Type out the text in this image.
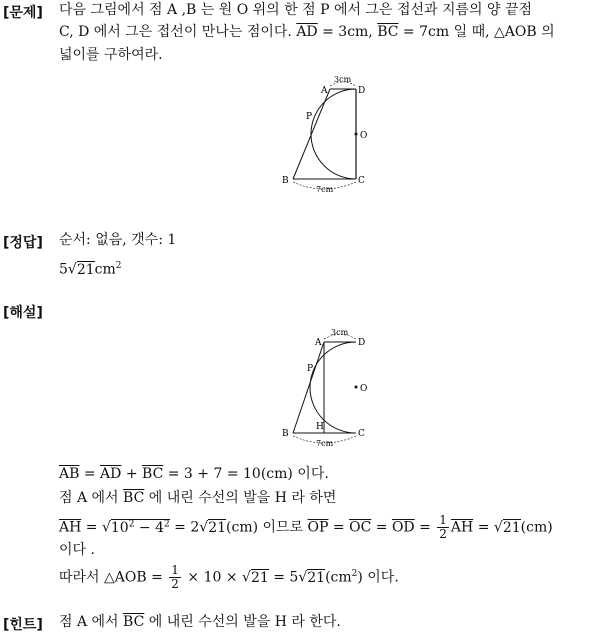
[문제] 다음 그림에서 점 A ,B 는 원 O 위의 한 점 P 에서 그은 접선과 지름의 양 끝점
C, D 에서 그은 접선이 만나는 점이다. $\overline{AD} = 3cm$, $\overline{BC} = 7cm$ 일 때, △AOB 의
넓이를 구하여라.
A	D
P
O
B	C
3cm
7cm
[정답] 순서: 없음, 갯수: 1
$5√21cm^2$
[해설]
A	D
P
O
H
B	C
3cm
7cm
$\overline{AB} = \overline{AD} + \overline{BC} = 3 + 7 = 10(cm)$ 이다.
점 A 에서 $\overline{BC}$ 에 내린 수선의 발을 H 라 하면
$\overline{AH} = √10^2 - 4^2 = 2√21(cm)$ 이므로 $\overline{OP} = \overline{OC} = \overline{OD} = \frac{1}{2} \overline{AH} = √21(cm)$
이다 .
따라서 △AOB = $\frac{1}{2} \times 10 \times √21 = 5√21(cm^2)$ 이다.
[힌트] 점 A 에서 $\overline{BC}$ 에 내린 수선의 발을 H 라 한다.
